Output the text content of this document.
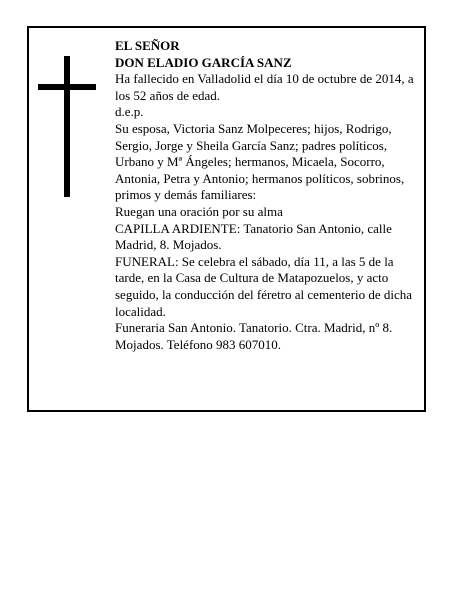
EL SEÑOR

DON ELADIO GARCÍA SANZ

Ha fallecido en Valladolid el día 10 de octubre de 2014, a los 52 años de edad.

d.e.p.

Su esposa, Victoria Sanz Molpeceres; hijos, Rodrigo, Sergio, Jorge y Sheila García Sanz; padres políticos, Urbano y Mª Ángeles; hermanos, Micaela, Socorro, Antonia, Petra y Antonio; hermanos políticos, sobrinos, primos y demás familiares:

Ruegan una oración por su alma

CAPILLA ARDIENTE: Tanatorio San Antonio, calle Madrid, 8. Mojados.

FUNERAL: Se celebra el sábado, día 11, a las 5 de la tarde, en la Casa de Cultura de Matapozuelos, y acto seguido, la conducción del féretro al cementerio de dicha localidad.

Funeraria San Antonio. Tanatorio. Ctra. Madrid, nº 8. Mojados. Teléfono 983 607010.
